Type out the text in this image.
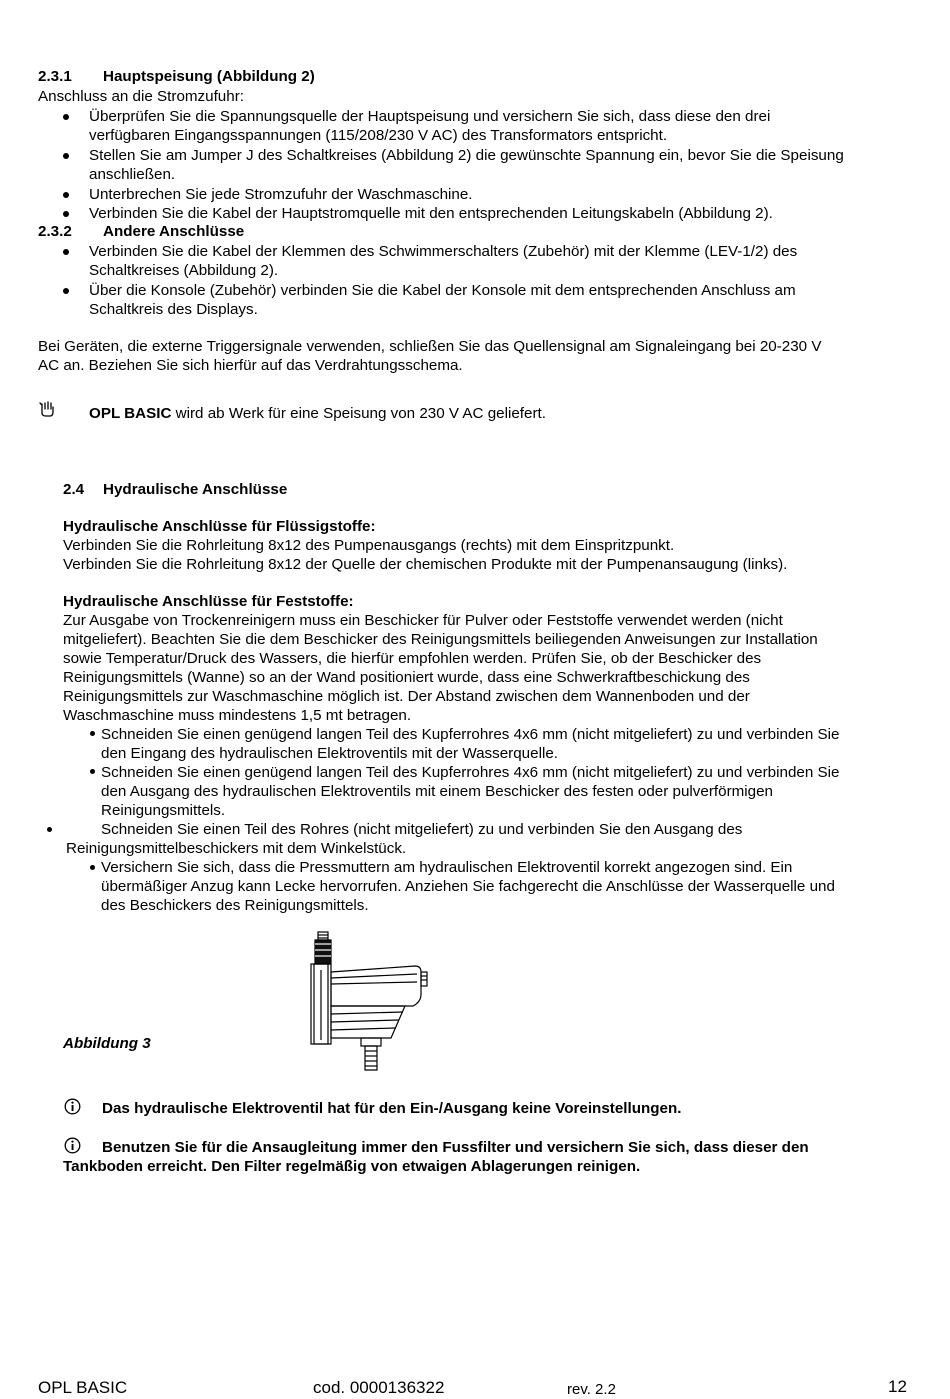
2.3.1 Hauptspeisung (Abbildung 2)
Anschluss an die Stromzufuhr:
Überprüfen Sie die Spannungsquelle der Hauptspeisung und versichern Sie sich, dass diese den drei
verfügbaren Eingangsspannungen (115/208/230 V AC) des Transformators entspricht.
Stellen Sie am Jumper J des Schaltkreises (Abbildung 2) die gewünschte Spannung ein, bevor Sie die Speisung
anschließen.
Unterbrechen Sie jede Stromzufuhr der Waschmaschine.
Verbinden Sie die Kabel der Hauptstromquelle mit den entsprechenden Leitungskabeln (Abbildung 2).
2.3.2 Andere Anschlüsse
Verbinden Sie die Kabel der Klemmen des Schwimmerschalters (Zubehör) mit der Klemme (LEV-1/2) des
Schaltkreises (Abbildung 2).
Über die Konsole (Zubehör) verbinden Sie die Kabel der Konsole mit dem entsprechenden Anschluss am
Schaltkreis des Displays.
Bei Geräten, die externe Triggersignale verwenden, schließen Sie das Quellensignal am Signaleingang bei 20-230 V
AC an. Beziehen Sie sich hierfür auf das Verdrahtungsschema.
OPL BASIC wird ab Werk für eine Speisung von 230 V AC geliefert.
2.4 Hydraulische Anschlüsse
Hydraulische Anschlüsse für Flüssigstoffe:
Verbinden Sie die Rohrleitung 8x12 des Pumpenausgangs (rechts) mit dem Einspritzpunkt.
Verbinden Sie die Rohrleitung 8x12 der Quelle der chemischen Produkte mit der Pumpenansaugung (links).
Hydraulische Anschlüsse für Feststoffe:
Zur Ausgabe von Trockenreinigern muss ein Beschicker für Pulver oder Feststoffe verwendet werden (nicht
mitgeliefert). Beachten Sie die dem Beschicker des Reinigungsmittels beiliegenden Anweisungen zur Installation
sowie Temperatur/Druck des Wassers, die hierfür empfohlen werden. Prüfen Sie, ob der Beschicker des
Reinigungsmittels (Wanne) so an der Wand positioniert wurde, dass eine Schwerkraftbeschickung des
Reinigungsmittels zur Waschmaschine möglich ist. Der Abstand zwischen dem Wannenboden und der
Waschmaschine muss mindestens 1,5 mt betragen.
Schneiden Sie einen genügend langen Teil des Kupferrohres 4x6 mm (nicht mitgeliefert) zu und verbinden Sie
den Eingang des hydraulischen Elektroventils mit der Wasserquelle.
Schneiden Sie einen genügend langen Teil des Kupferrohres 4x6 mm (nicht mitgeliefert) zu und verbinden Sie
den Ausgang des hydraulischen Elektroventils mit einem Beschicker des festen oder pulverförmigen
Reinigungsmittels.
Schneiden Sie einen Teil des Rohres (nicht mitgeliefert) zu und verbinden Sie den Ausgang des
Reinigungsmittelbeschickers mit dem Winkelstück.
Versichern Sie sich, dass die Pressmuttern am hydraulischen Elektroventil korrekt angezogen sind. Ein
übermäßiger Anzug kann Lecke hervorrufen. Anziehen Sie fachgerecht die Anschlüsse der Wasserquelle und
des Beschickers des Reinigungsmittels.
Abbildung 3
Das hydraulische Elektroventil hat für den Ein-/Ausgang keine Voreinstellungen.
Benutzen Sie für die Ansaugleitung immer den Fussfilter und versichern Sie sich, dass dieser den
Tankboden erreicht. Den Filter regelmäßig von etwaigen Ablagerungen reinigen.
OPL BASIC	cod. 0000136322	rev. 2.2	12
